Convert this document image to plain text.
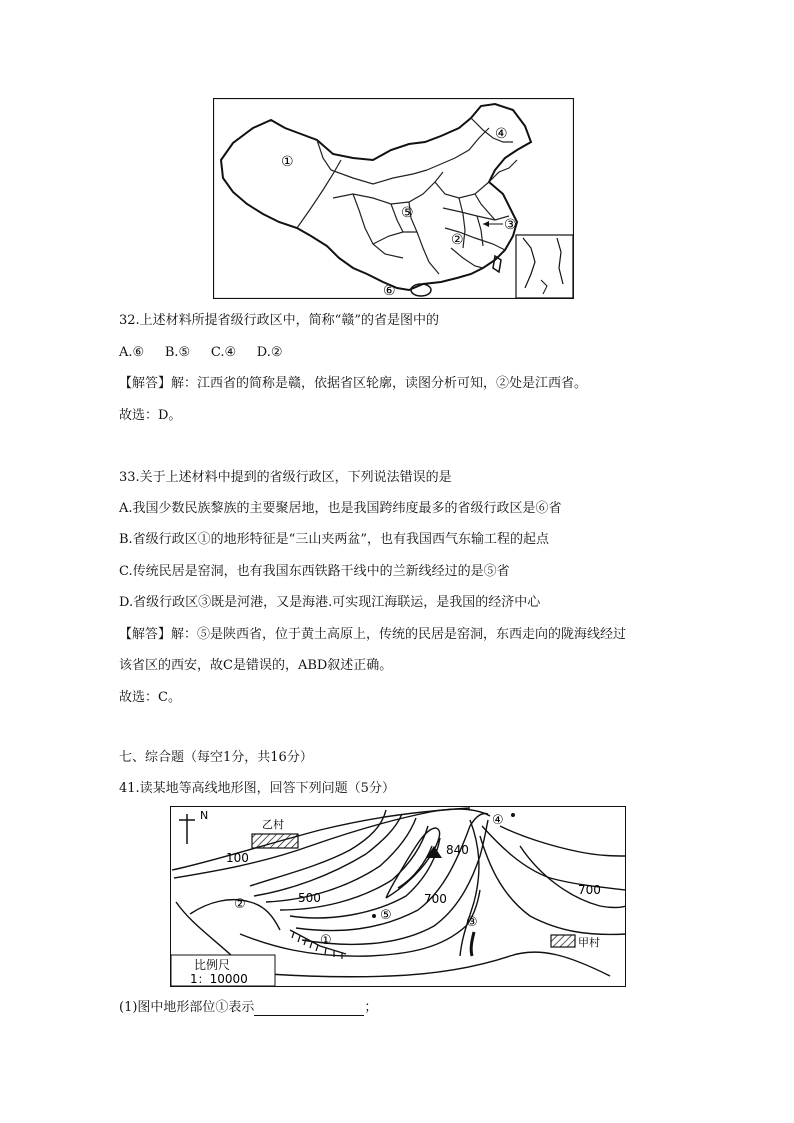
①
②
③
④
⑤
⑥
32.上述材料所提省级行政区中，简称“赣”的省是图中的
A.⑥     B.⑤     C.④     D.②
【解答】解：江西省的简称是赣，依据省区轮廓，读图分析可知，②处是江西省。
故选：D。
33.关于上述材料中提到的省级行政区，下列说法错误的是
A.我国少数民族黎族的主要聚居地，也是我国跨纬度最多的省级行政区是⑥省
B.省级行政区①的地形特征是“三山夹两盆”，也有我国西气东输工程的起点
C.传统民居是窑洞，也有我国东西铁路干线中的兰新线经过的是⑤省
D.省级行政区③既是河港，又是海港.可实现江海联运，是我国的经济中心
【解答】解：⑤是陕西省，位于黄土高原上，传统的民居是窑洞，东西走向的陇海线经过
该省区的西安，故C是错误的，ABD叙述正确。
故选：C。
七、综合题（每空1分，共16分）
41.读某地等高线地形图，回答下列问题（5分）
N
乙村
甲村
100
500	700
700
840
①
②
③
④
⑤
比例尺
1：10000
(1)图中地形部位①表示	；
